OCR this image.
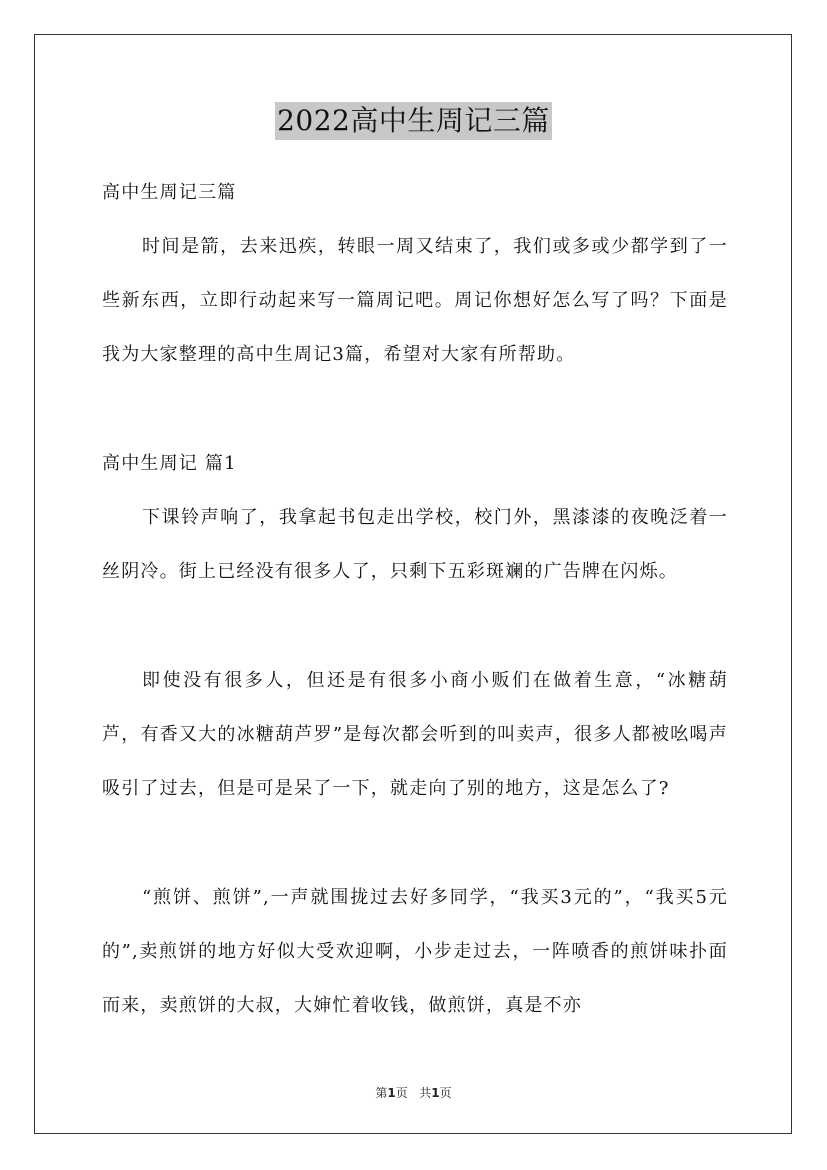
2022高中生周记三篇

高中生周记三篇

时间是箭，去来迅疾，转眼一周又结束了，我们或多或少都学到了一些新东西，立即行动起来写一篇周记吧。周记你想好怎么写了吗？下面是我为大家整理的高中生周记3篇，希望对大家有所帮助。

高中生周记 篇1

下课铃声响了，我拿起书包走出学校，校门外，黑漆漆的夜晚泛着一丝阴冷。街上已经没有很多人了，只剩下五彩斑斓的广告牌在闪烁。

即使没有很多人，但还是有很多小商小贩们在做着生意，“冰糖葫芦，有香又大的冰糖葫芦罗”是每次都会听到的叫卖声，很多人都被吆喝声吸引了过去，但是可是呆了一下，就走向了别的地方，这是怎么了?

“煎饼、煎饼”,一声就围拢过去好多同学，“我买3元的”，“我买5元的”,卖煎饼的地方好似大受欢迎啊，小步走过去，一阵喷香的煎饼味扑面而来，卖煎饼的大叔，大婶忙着收钱，做煎饼，真是不亦

第1页 共1页
